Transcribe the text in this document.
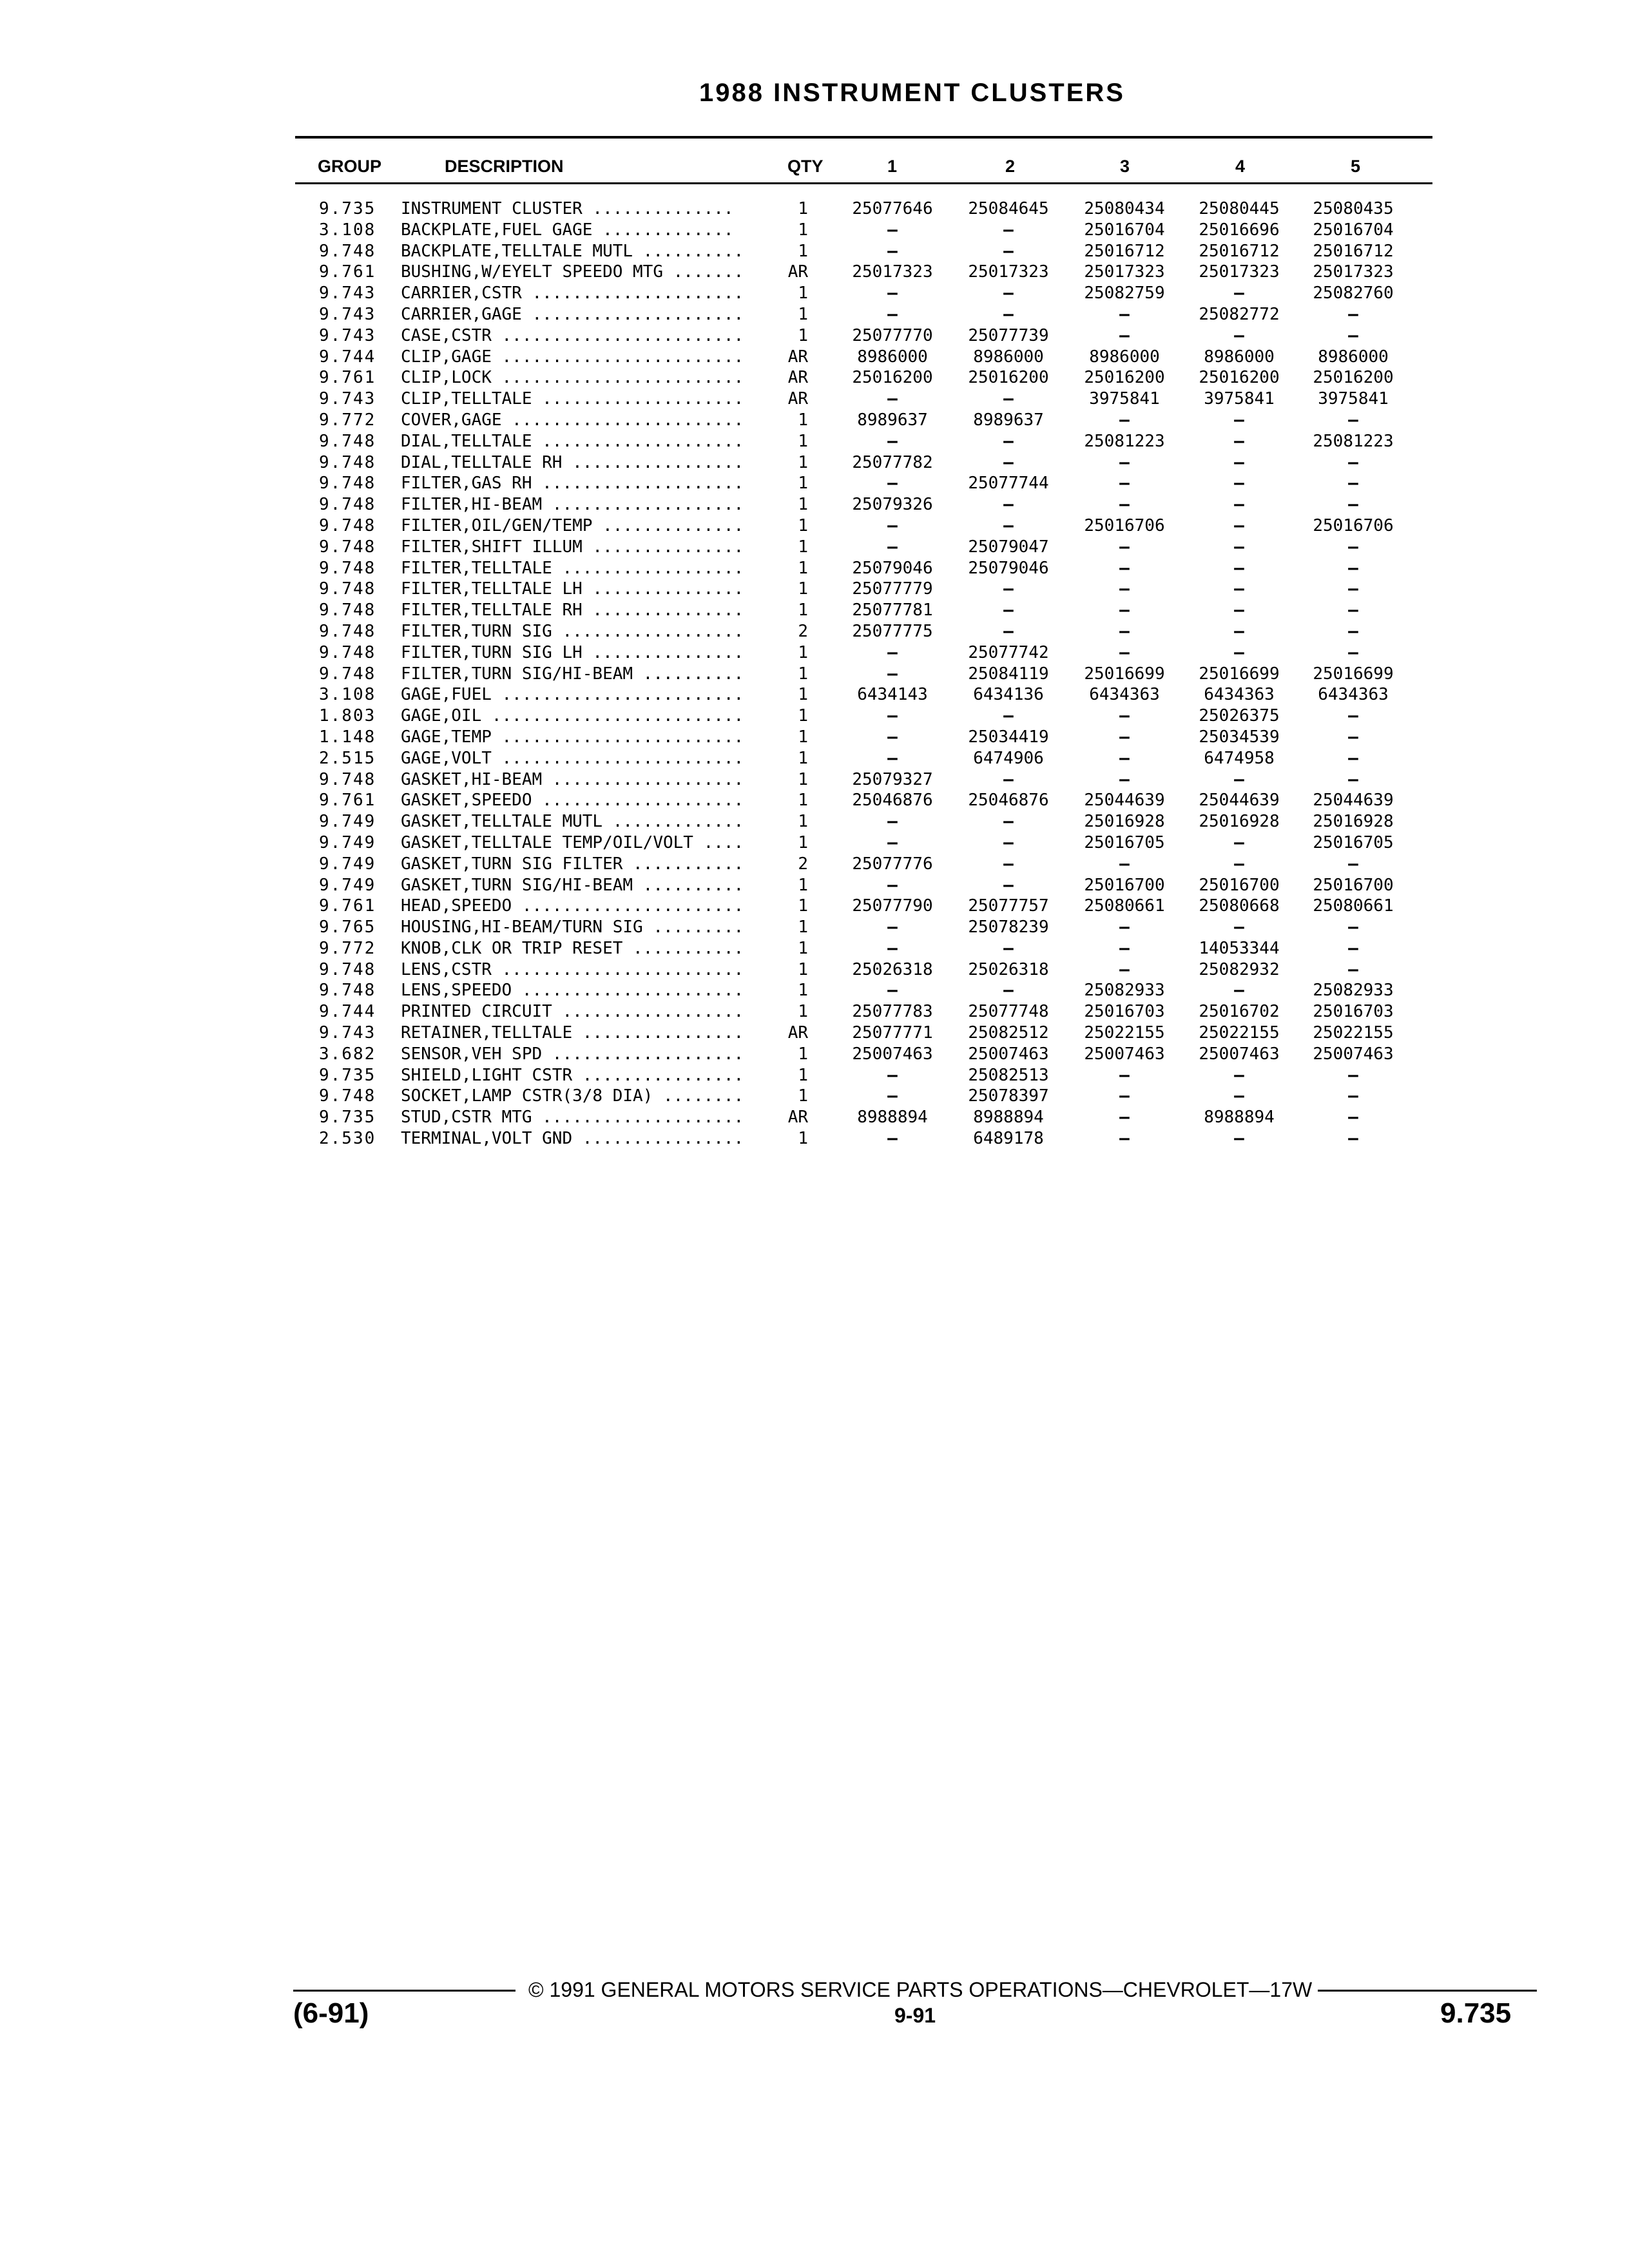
1988 INSTRUMENT CLUSTERS
GROUP	DESCRIPTION	QTY	1	2	3	4	5
9.735	INSTRUMENT CLUSTER ..............	1	25077646	25084645	25080434	25080445	25080435
3.108	BACKPLATE,FUEL GAGE .............	1	—	—	25016704	25016696	25016704
9.748	BACKPLATE,TELLTALE MUTL ..........	1	—	—	25016712	25016712	25016712
9.761	BUSHING,W/EYELT SPEEDO MTG .......	AR	25017323	25017323	25017323	25017323	25017323
9.743	CARRIER,CSTR .....................	1	—	—	25082759	—	25082760
9.743	CARRIER,GAGE .....................	1	—	—	—	25082772	—
9.743	CASE,CSTR ........................	1	25077770	25077739	—	—	—
9.744	CLIP,GAGE ........................	AR	8986000	8986000	8986000	8986000	8986000
9.761	CLIP,LOCK ........................	AR	25016200	25016200	25016200	25016200	25016200
9.743	CLIP,TELLTALE ....................	AR	—	—	3975841	3975841	3975841
9.772	COVER,GAGE .......................	1	8989637	8989637	—	—	—
9.748	DIAL,TELLTALE ....................	1	—	—	25081223	—	25081223
9.748	DIAL,TELLTALE RH .................	1	25077782	—	—	—	—
9.748	FILTER,GAS RH ....................	1	—	25077744	—	—	—
9.748	FILTER,HI-BEAM ...................	1	25079326	—	—	—	—
9.748	FILTER,OIL/GEN/TEMP ..............	1	—	—	25016706	—	25016706
9.748	FILTER,SHIFT ILLUM ...............	1	—	25079047	—	—	—
9.748	FILTER,TELLTALE ..................	1	25079046	25079046	—	—	—
9.748	FILTER,TELLTALE LH ...............	1	25077779	—	—	—	—
9.748	FILTER,TELLTALE RH ...............	1	25077781	—	—	—	—
9.748	FILTER,TURN SIG ..................	2	25077775	—	—	—	—
9.748	FILTER,TURN SIG LH ...............	1	—	25077742	—	—	—
9.748	FILTER,TURN SIG/HI-BEAM ..........	1	—	25084119	25016699	25016699	25016699
3.108	GAGE,FUEL ........................	1	6434143	6434136	6434363	6434363	6434363
1.803	GAGE,OIL .........................	1	—	—	—	25026375	—
1.148	GAGE,TEMP ........................	1	—	25034419	—	25034539	—
2.515	GAGE,VOLT ........................	1	—	6474906	—	6474958	—
9.748	GASKET,HI-BEAM ...................	1	25079327	—	—	—	—
9.761	GASKET,SPEEDO ....................	1	25046876	25046876	25044639	25044639	25044639
9.749	GASKET,TELLTALE MUTL .............	1	—	—	25016928	25016928	25016928
9.749	GASKET,TELLTALE TEMP/OIL/VOLT ....	1	—	—	25016705	—	25016705
9.749	GASKET,TURN SIG FILTER ...........	2	25077776	—	—	—	—
9.749	GASKET,TURN SIG/HI-BEAM ..........	1	—	—	25016700	25016700	25016700
9.761	HEAD,SPEEDO ......................	1	25077790	25077757	25080661	25080668	25080661
9.765	HOUSING,HI-BEAM/TURN SIG .........	1	—	25078239	—	—	—
9.772	KNOB,CLK OR TRIP RESET ...........	1	—	—	—	14053344	—
9.748	LENS,CSTR ........................	1	25026318	25026318	—	25082932	—
9.748	LENS,SPEEDO ......................	1	—	—	25082933	—	25082933
9.744	PRINTED CIRCUIT ..................	1	25077783	25077748	25016703	25016702	25016703
9.743	RETAINER,TELLTALE ................	AR	25077771	25082512	25022155	25022155	25022155
3.682	SENSOR,VEH SPD ...................	1	25007463	25007463	25007463	25007463	25007463
9.735	SHIELD,LIGHT CSTR ................	1	—	25082513	—	—	—
9.748	SOCKET,LAMP CSTR(3/8 DIA) ........	1	—	25078397	—	—	—
9.735	STUD,CSTR MTG ....................	AR	8988894	8988894	—	8988894	—
2.530	TERMINAL,VOLT GND ................	1	—	6489178	—	—	—
© 1991 GENERAL MOTORS SERVICE PARTS OPERATIONS—CHEVROLET—17W
9-91
(6-91)	9.735
